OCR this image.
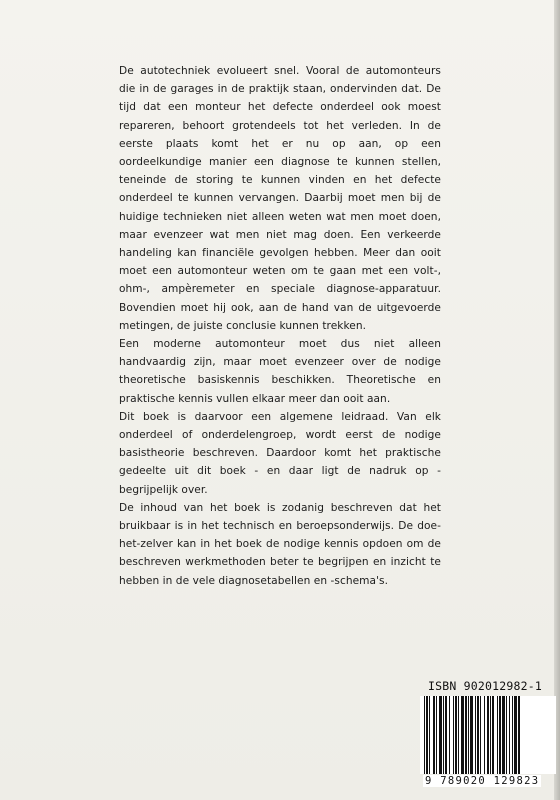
De autotechniek evolueert snel. Vooral de automonteurs die in de garages in de praktijk staan, ondervinden dat. De tijd dat een monteur het defecte onderdeel ook moest repareren, behoort grotendeels tot het verleden. In de eerste plaats komt het er nu op aan, op een oordeelkundige manier een diagnose te kunnen stellen, teneinde de storing te kunnen vinden en het defecte onderdeel te kunnen vervangen. Daarbij moet men bij de huidige technieken niet alleen weten wat men moet doen, maar evenzeer wat men niet mag doen. Een verkeerde handeling kan financiële gevolgen hebben. Meer dan ooit moet een automonteur weten om te gaan met een volt-, ohm-, ampèremeter en speciale diagnose-apparatuur. Bovendien moet hij ook, aan de hand van de uitgevoerde metingen, de juiste conclusie kunnen trekken.

Een moderne automonteur moet dus niet alleen handvaardig zijn, maar moet evenzeer over de nodige theoretische basiskennis beschikken. Theoretische en praktische kennis vullen elkaar meer dan ooit aan.

Dit boek is daarvoor een algemene leidraad. Van elk onderdeel of onderdelengroep, wordt eerst de nodige basistheorie beschreven. Daardoor komt het praktische gedeelte uit dit boek - en daar ligt de nadruk op - begrijpelijk over.

De inhoud van het boek is zodanig beschreven dat het bruikbaar is in het technisch en beroepsonderwijs. De doe-het-zelver kan in het boek de nodige kennis opdoen om de beschreven werkmethoden beter te begrijpen en inzicht te hebben in de vele diagnosetabellen en -schema's.

ISBN 902012982-1
9 789020 129823
